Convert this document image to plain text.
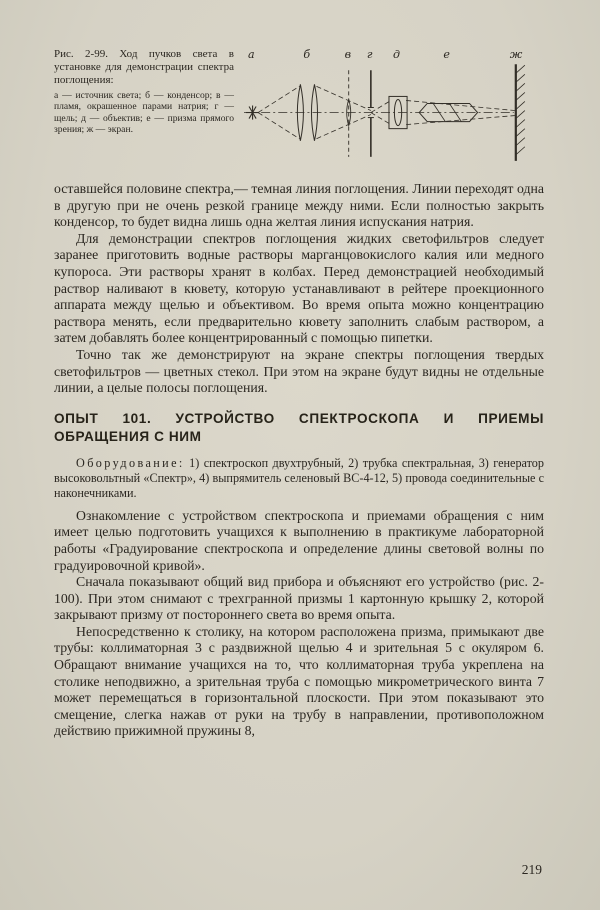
Рис. 2-99. Ход пучков света в установке для демонстрации спектра поглощения:

а — источник света; б — конденсор; в — пламя, окрашенное парами натрия; г — щель; д — объектив; е — призма прямого зрения; ж — экран.

а	б	в г д	е	ж

оставшейся половине спектра,— темная линия поглощения. Линии переходят одна в другую при не очень резкой границе между ними. Если полностью закрыть конденсор, то будет видна лишь одна желтая линия испускания натрия.

Для демонстрации спектров поглощения жидких светофильтров следует заранее приготовить водные растворы марганцовокислого калия или медного купороса. Эти растворы хранят в колбах. Перед демонстрацией необходимый раствор наливают в кювету, которую устанавливают в рейтере проекционного аппарата между щелью и объективом. Во время опыта можно концентрацию раствора менять, если предварительно кювету заполнить слабым раствором, а затем добавлять более концентрированный с помощью пипетки.

Точно так же демонстрируют на экране спектры поглощения твердых светофильтров — цветных стекол. При этом на экране будут видны не отдельные линии, а целые полосы поглощения.

ОПЫТ 101. УСТРОЙСТВО СПЕКТРОСКОПА И ПРИЕМЫ ОБРАЩЕНИЯ С НИМ

Оборудование: 1) спектроскоп двухтрубный, 2) трубка спектральная, 3) генератор высоковольтный «Спектр», 4) выпрямитель селеновый ВС-4-12, 5) провода соединительные с наконечниками.

Ознакомление с устройством спектроскопа и приемами обращения с ним имеет целью подготовить учащихся к выполнению в практикуме лабораторной работы «Градуирование спектроскопа и определение длины световой волны по градуировочной кривой».

Сначала показывают общий вид прибора и объясняют его устройство (рис. 2-100). При этом снимают с трехгранной призмы 1 картонную крышку 2, которой закрывают призму от постороннего света во время опыта.

Непосредственно к столику, на котором расположена призма, примыкают две трубы: коллиматорная 3 с раздвижной щелью 4 и зрительная 5 с окуляром 6. Обращают внимание учащихся на то, что коллиматорная труба укреплена на столике неподвижно, а зрительная труба с помощью микрометрического винта 7 может перемещаться в горизонтальной плоскости. При этом показывают это смещение, слегка нажав от руки на трубу в направлении, противоположном действию прижимной пружины 8,

219
